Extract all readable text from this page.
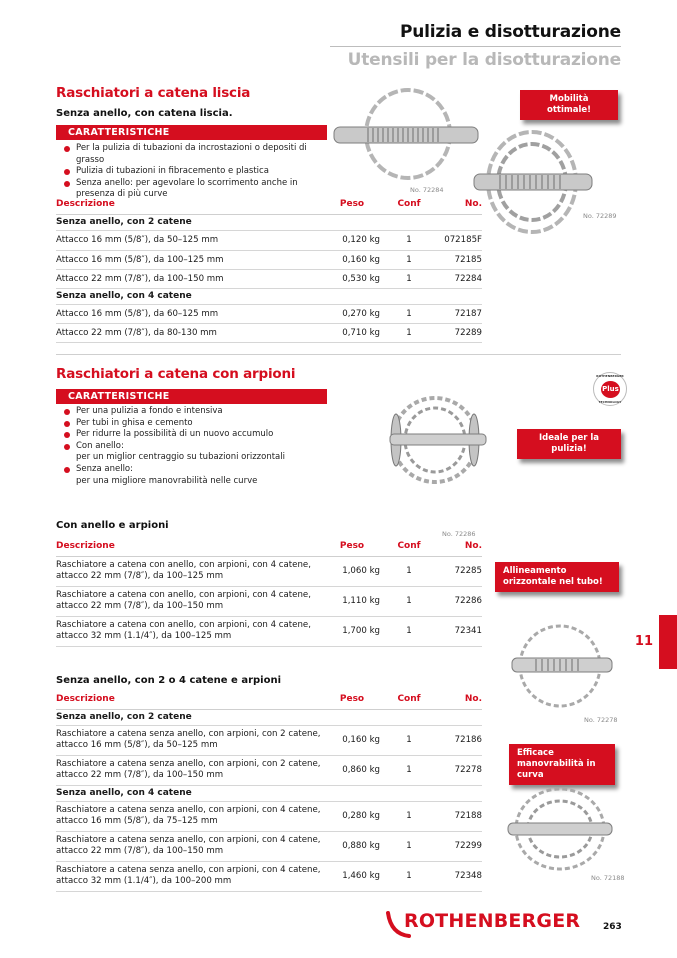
Pulizia e disotturazione
Utensili per la disotturazione
Raschiatori a catena liscia
Senza anello, con catena liscia.
CARATTERISTICHE
Per la pulizia di tubazioni da incrostazioni o depositi di grasso
Pulizia di tubazioni in fibracemento e plastica
Senza anello: per agevolare lo scorrimento anche in presenza di più curve
Descrizione	Peso	Conf	No.
Senza anello, con 2 catene			
Attacco 16 mm (5/8″), da 50–125 mm	0,120 kg	1	072185F
Attacco 16 mm (5/8″), da 100–125 mm	0,160 kg	1	72185
Attacco 22 mm (7/8″), da 100–150 mm	0,530 kg	1	72284
Senza anello, con 4 catene			
Attacco 16 mm (5/8″), da 60–125 mm	0,270 kg	1	72187
Attacco 22 mm (7/8″), da 80-130 mm	0,710 kg	1	72289
No. 72284
Mobilità ottimale!
No. 72289
Raschiatori a catena con arpioni
CARATTERISTICHE
Per una pulizia a fondo e intensiva
Per tubi in ghisa e cemento
Per ridurre la possibilità di un nuovo accumulo
Con anello:
per un miglior centraggio su tubazioni orizzontali
Senza anello:
per una migliore manovrabilità nelle curve
ROTHENBERGER
Plus
TECHNOLOGY
No. 72286
Ideale per la pulizia!
Con anello e arpioni
Descrizione	Peso	Conf	No.
Raschiatore a catena con anello, con arpioni, con 4 catene,
attacco 22 mm (7/8″), da 100–125 mm	1,060 kg	1	72285
Raschiatore a catena con anello, con arpioni, con 4 catene,
attacco 22 mm (7/8″), da 100–150 mm	1,110 kg	1	72286
Raschiatore a catena con anello, con arpioni, con 4 catene,
attacco 32 mm (1.1/4″), da 100–125 mm	1,700 kg	1	72341
Allineamento orizzontale nel tubo!
No. 72278
11
Senza anello, con 2 o 4 catene e arpioni
Descrizione	Peso	Conf	No.
Senza anello, con 2 catene			
Raschiatore a catena senza anello, con arpioni, con 2 catene,
attacco 16 mm (5/8″), da 50–125 mm	0,160 kg	1	72186
Raschiatore a catena senza anello, con arpioni, con 2 catene,
attacco 22 mm (7/8″), da 100–150 mm	0,860 kg	1	72278
Senza anello, con 4 catene			
Raschiatore a catena senza anello, con arpioni, con 4 catene,
attacco 16 mm (5/8″), da 75–125 mm	0,280 kg	1	72188
Raschiatore a catena senza anello, con arpioni, con 4 catene,
attacco 22 mm (7/8″), da 100–150 mm	0,880 kg	1	72299
Raschiatore a catena senza anello, con arpioni, con 4 catene,
attacco 32 mm (1.1/4″), da 100–200 mm	1,460 kg	1	72348
Efficace manovrabilità in curva
No. 72188
ROTHENBERGER	263
